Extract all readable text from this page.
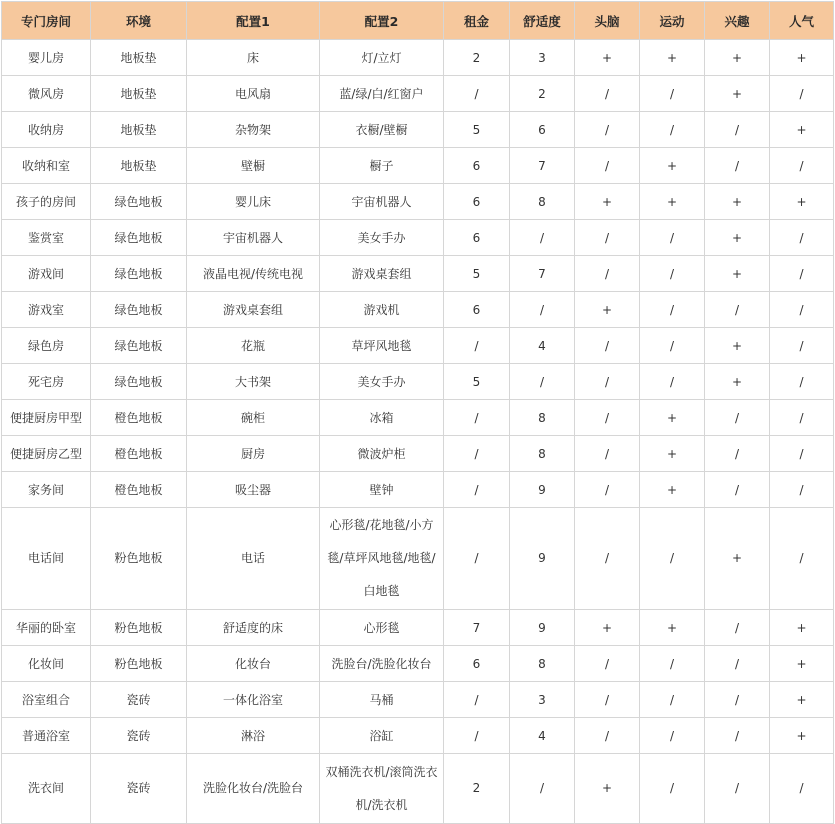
专门房间	环境	配置1	配置2	租金	舒适度	头脑	运动	兴趣	人气
婴儿房	地板垫	床	灯/立灯	2	3	+	+	+	+
微风房	地板垫	电风扇	蓝/绿/白/红窗户	/	2	/	/	+	/
收纳房	地板垫	杂物架	衣橱/壁橱	5	6	/	/	/	+
收纳和室	地板垫	壁橱	橱子	6	7	/	+	/	/
孩子的房间	绿色地板	婴儿床	宇宙机器人	6	8	+	+	+	+
鉴赏室	绿色地板	宇宙机器人	美女手办	6	/	/	/	+	/
游戏间	绿色地板	液晶电视/传统电视	游戏桌套组	5	7	/	/	+	/
游戏室	绿色地板	游戏桌套组	游戏机	6	/	+	/	/	/
绿色房	绿色地板	花瓶	草坪风地毯	/	4	/	/	+	/
死宅房	绿色地板	大书架	美女手办	5	/	/	/	+	/
便捷厨房甲型	橙色地板	碗柜	冰箱	/	8	/	+	/	/
便捷厨房乙型	橙色地板	厨房	微波炉柜	/	8	/	+	/	/
家务间	橙色地板	吸尘器	壁钟	/	9	/	+	/	/
电话间	粉色地板	电话	心形毯/花地毯/小方毯/草坪风地毯/地毯/白地毯	/	9	/	/	+	/
华丽的卧室	粉色地板	舒适度的床	心形毯	7	9	+	+	/	+
化妆间	粉色地板	化妆台	洗脸台/洗脸化妆台	6	8	/	/	/	+
浴室组合	瓷砖	一体化浴室	马桶	/	3	/	/	/	+
普通浴室	瓷砖	淋浴	浴缸	/	4	/	/	/	+
洗衣间	瓷砖	洗脸化妆台/洗脸台	双桶洗衣机/滚筒洗衣机/洗衣机	2	/	+	/	/	/
